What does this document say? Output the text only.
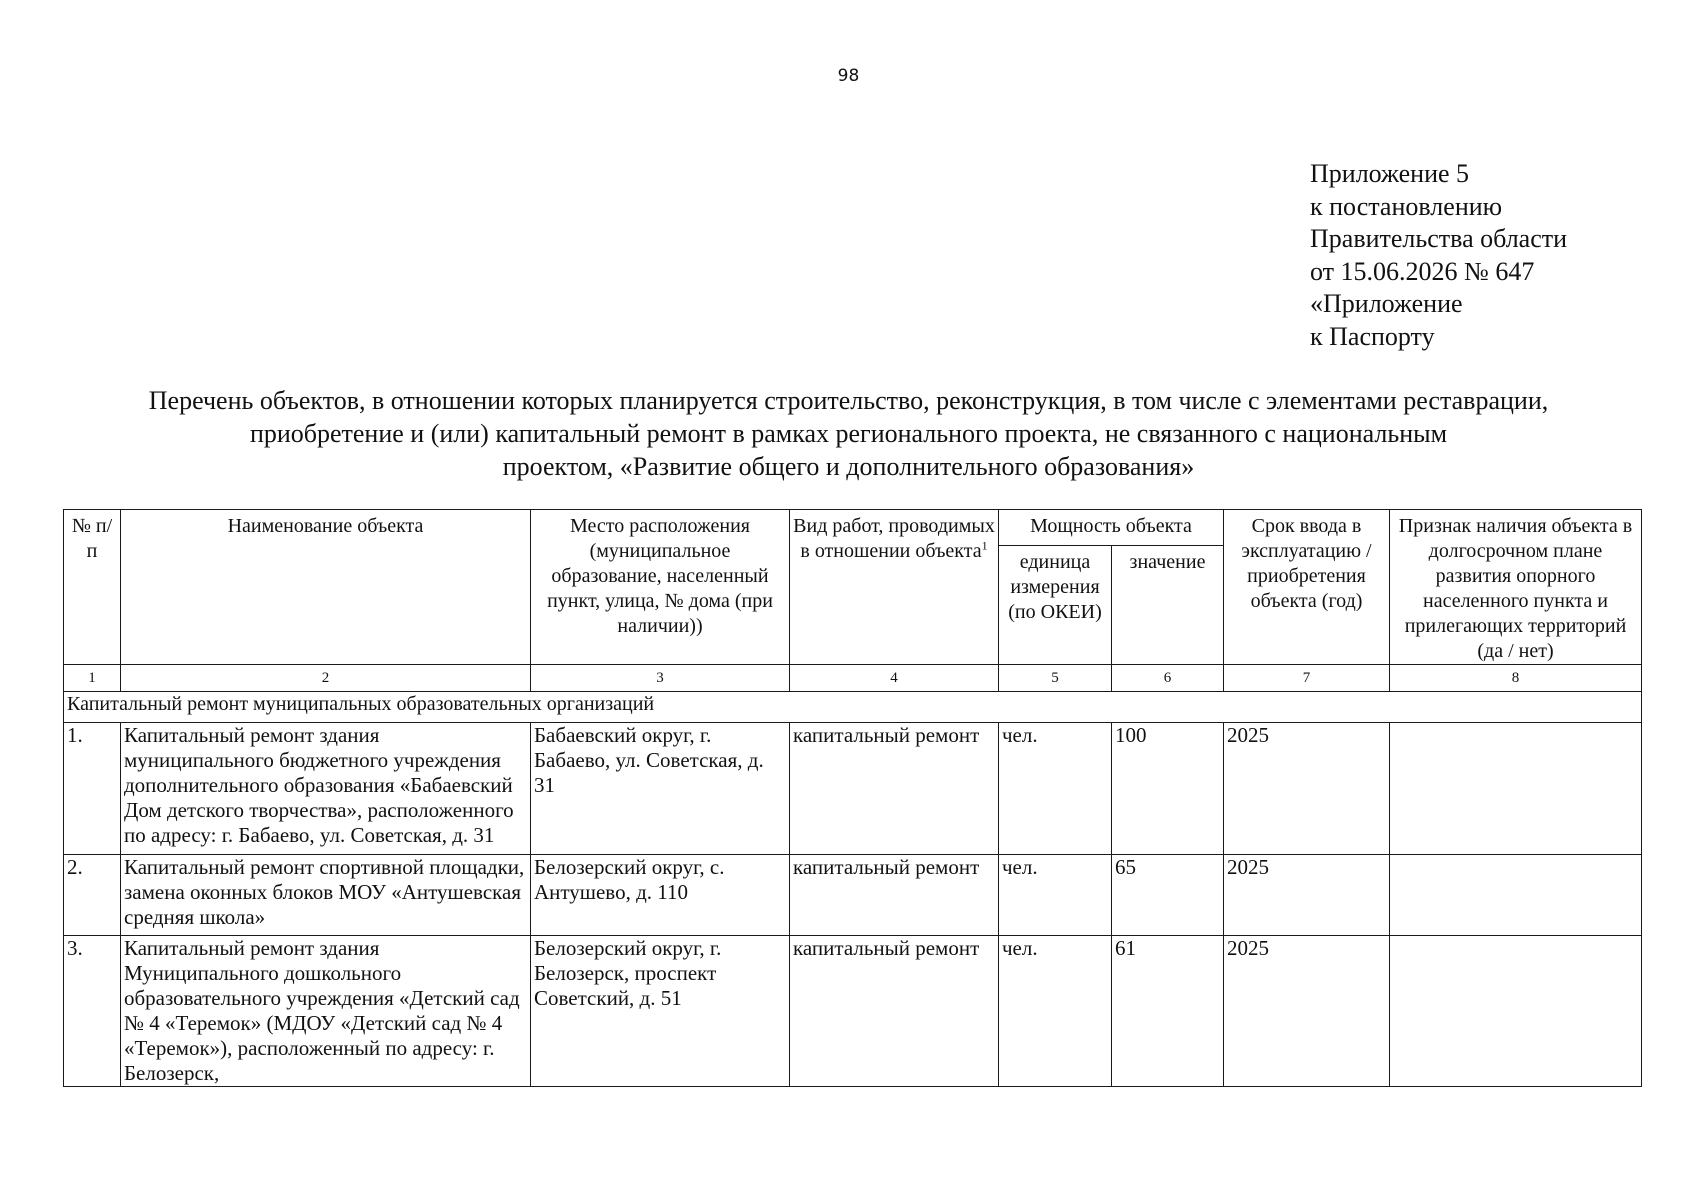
98
Приложение 5
к постановлению
Правительства области
от 15.06.2026 № 647
«Приложение
к Паспорту
Перечень объектов, в отношении которых планируется строительство, реконструкция, в том числе с элементами реставрации,
приобретение и (или) капитальный ремонт в рамках регионального проекта, не связанного с национальным
проектом, «Развитие общего и дополнительного образования»
№ п/п	Наименование объекта	Место расположения (муниципальное образование, населенный пункт, улица, № дома (при наличии))	Вид работ, проводимых в отношении объекта$^1$	Мощность объекта		Срок ввода в эксплуатацию / приобретения объекта (год)	Признак наличия объекта в долгосрочном плане развития опорного населенного пункта и прилегающих территорий (да / нет)
				единица измерения (по ОКЕИ)	значение		
1	2	3	4	5	6	7	8
Капитальный ремонт муниципальных образовательных организаций							
1.	Капитальный ремонт здания муниципального бюджетного учреждения дополнительного образования «Бабаевский Дом детского творчества», расположенного по адресу: г. Бабаево, ул. Советская, д. 31	Бабаевский округ, г. Бабаево, ул. Советская, д. 31	капитальный ремонт	чел.	100	2025	
2.	Капитальный ремонт спортивной площадки, замена оконных блоков МОУ «Антушевская средняя школа»	Белозерский округ, с. Антушево, д. 110	капитальный ремонт	чел.	65	2025	
3.	Капитальный ремонт здания Муниципального дошкольного образовательного учреждения «Детский сад № 4 «Теремок» (МДОУ «Детский сад № 4 «Теремок»), расположенный по адресу: г. Белозерск,	Белозерский округ, г. Белозерск, проспект Советский, д. 51	капитальный ремонт	чел.	61	2025	
